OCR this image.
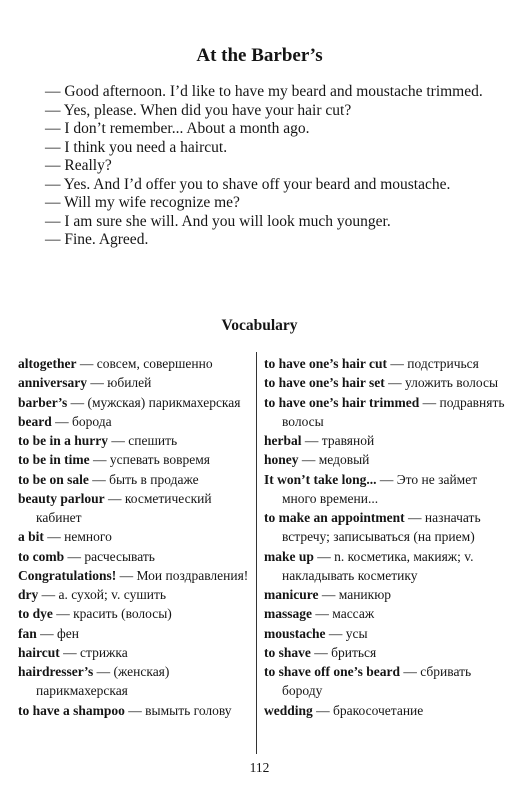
At the Barber’s

— Good afternoon. I’d like to have my beard and moustache trimmed.

— Yes, please. When did you have your hair cut?

— I don’t remember... About a month ago.

— I think you need a haircut.

— Really?

— Yes. And I’d offer you to shave off your beard and moustache.

— Will my wife recognize me?

— I am sure she will. And you will look much younger.

— Fine. Agreed.

Vocabulary

altogether — совсем, совершенно

anniversary — юбилей

barber’s — (мужская) парикмахерская

beard — борода

to be in a hurry — спешить

to be in time — успевать вовремя

to be on sale — быть в продаже

beauty parlour — косметический кабинет

a bit — немного

to comb — расчесывать

Congratulations! — Мои поздравления!

dry — a. сухой; v. сушить

to dye — красить (волосы)

fan — фен

haircut — стрижка

hairdresser’s — (женская) парикмахерская

to have a shampoo — вымыть голову

to have one’s hair cut — подстричься

to have one’s hair set — уложить волосы

to have one’s hair trimmed — подравнять волосы

herbal — травяной

honey — медовый

It won’t take long... — Это не займет много времени...

to make an appointment — назначать встречу; записываться (на прием)

make up — n. косметика, макияж; v. накладывать косметику

manicure — маникюр

massage — массаж

moustache — усы

to shave — бриться

to shave off one’s beard — сбривать бороду

wedding — бракосочетание

112
